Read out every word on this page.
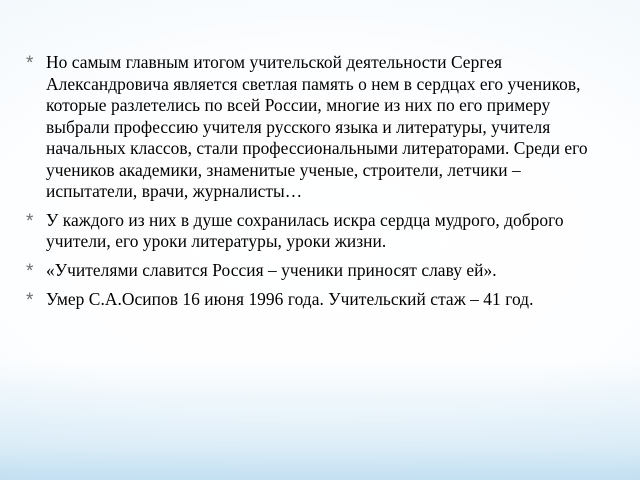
* Но самым главным итогом учительской деятельности Сергея Александровича является светлая память о нем в сердцах его учеников, которые разлетелись по всей России, многие из них по его примеру выбрали профессию учителя русского языка и литературы, учителя начальных классов, стали профессиональными литераторами. Среди его учеников академики, знаменитые ученые, строители, летчики – испытатели, врачи, журналисты…
* У каждого из них в душе сохранилась искра сердца мудрого, доброго учители, его уроки литературы, уроки жизни.
* «Учителями славится Россия – ученики приносят славу ей».
* Умер С.А.Осипов 16 июня 1996 года. Учительский стаж – 41 год.
